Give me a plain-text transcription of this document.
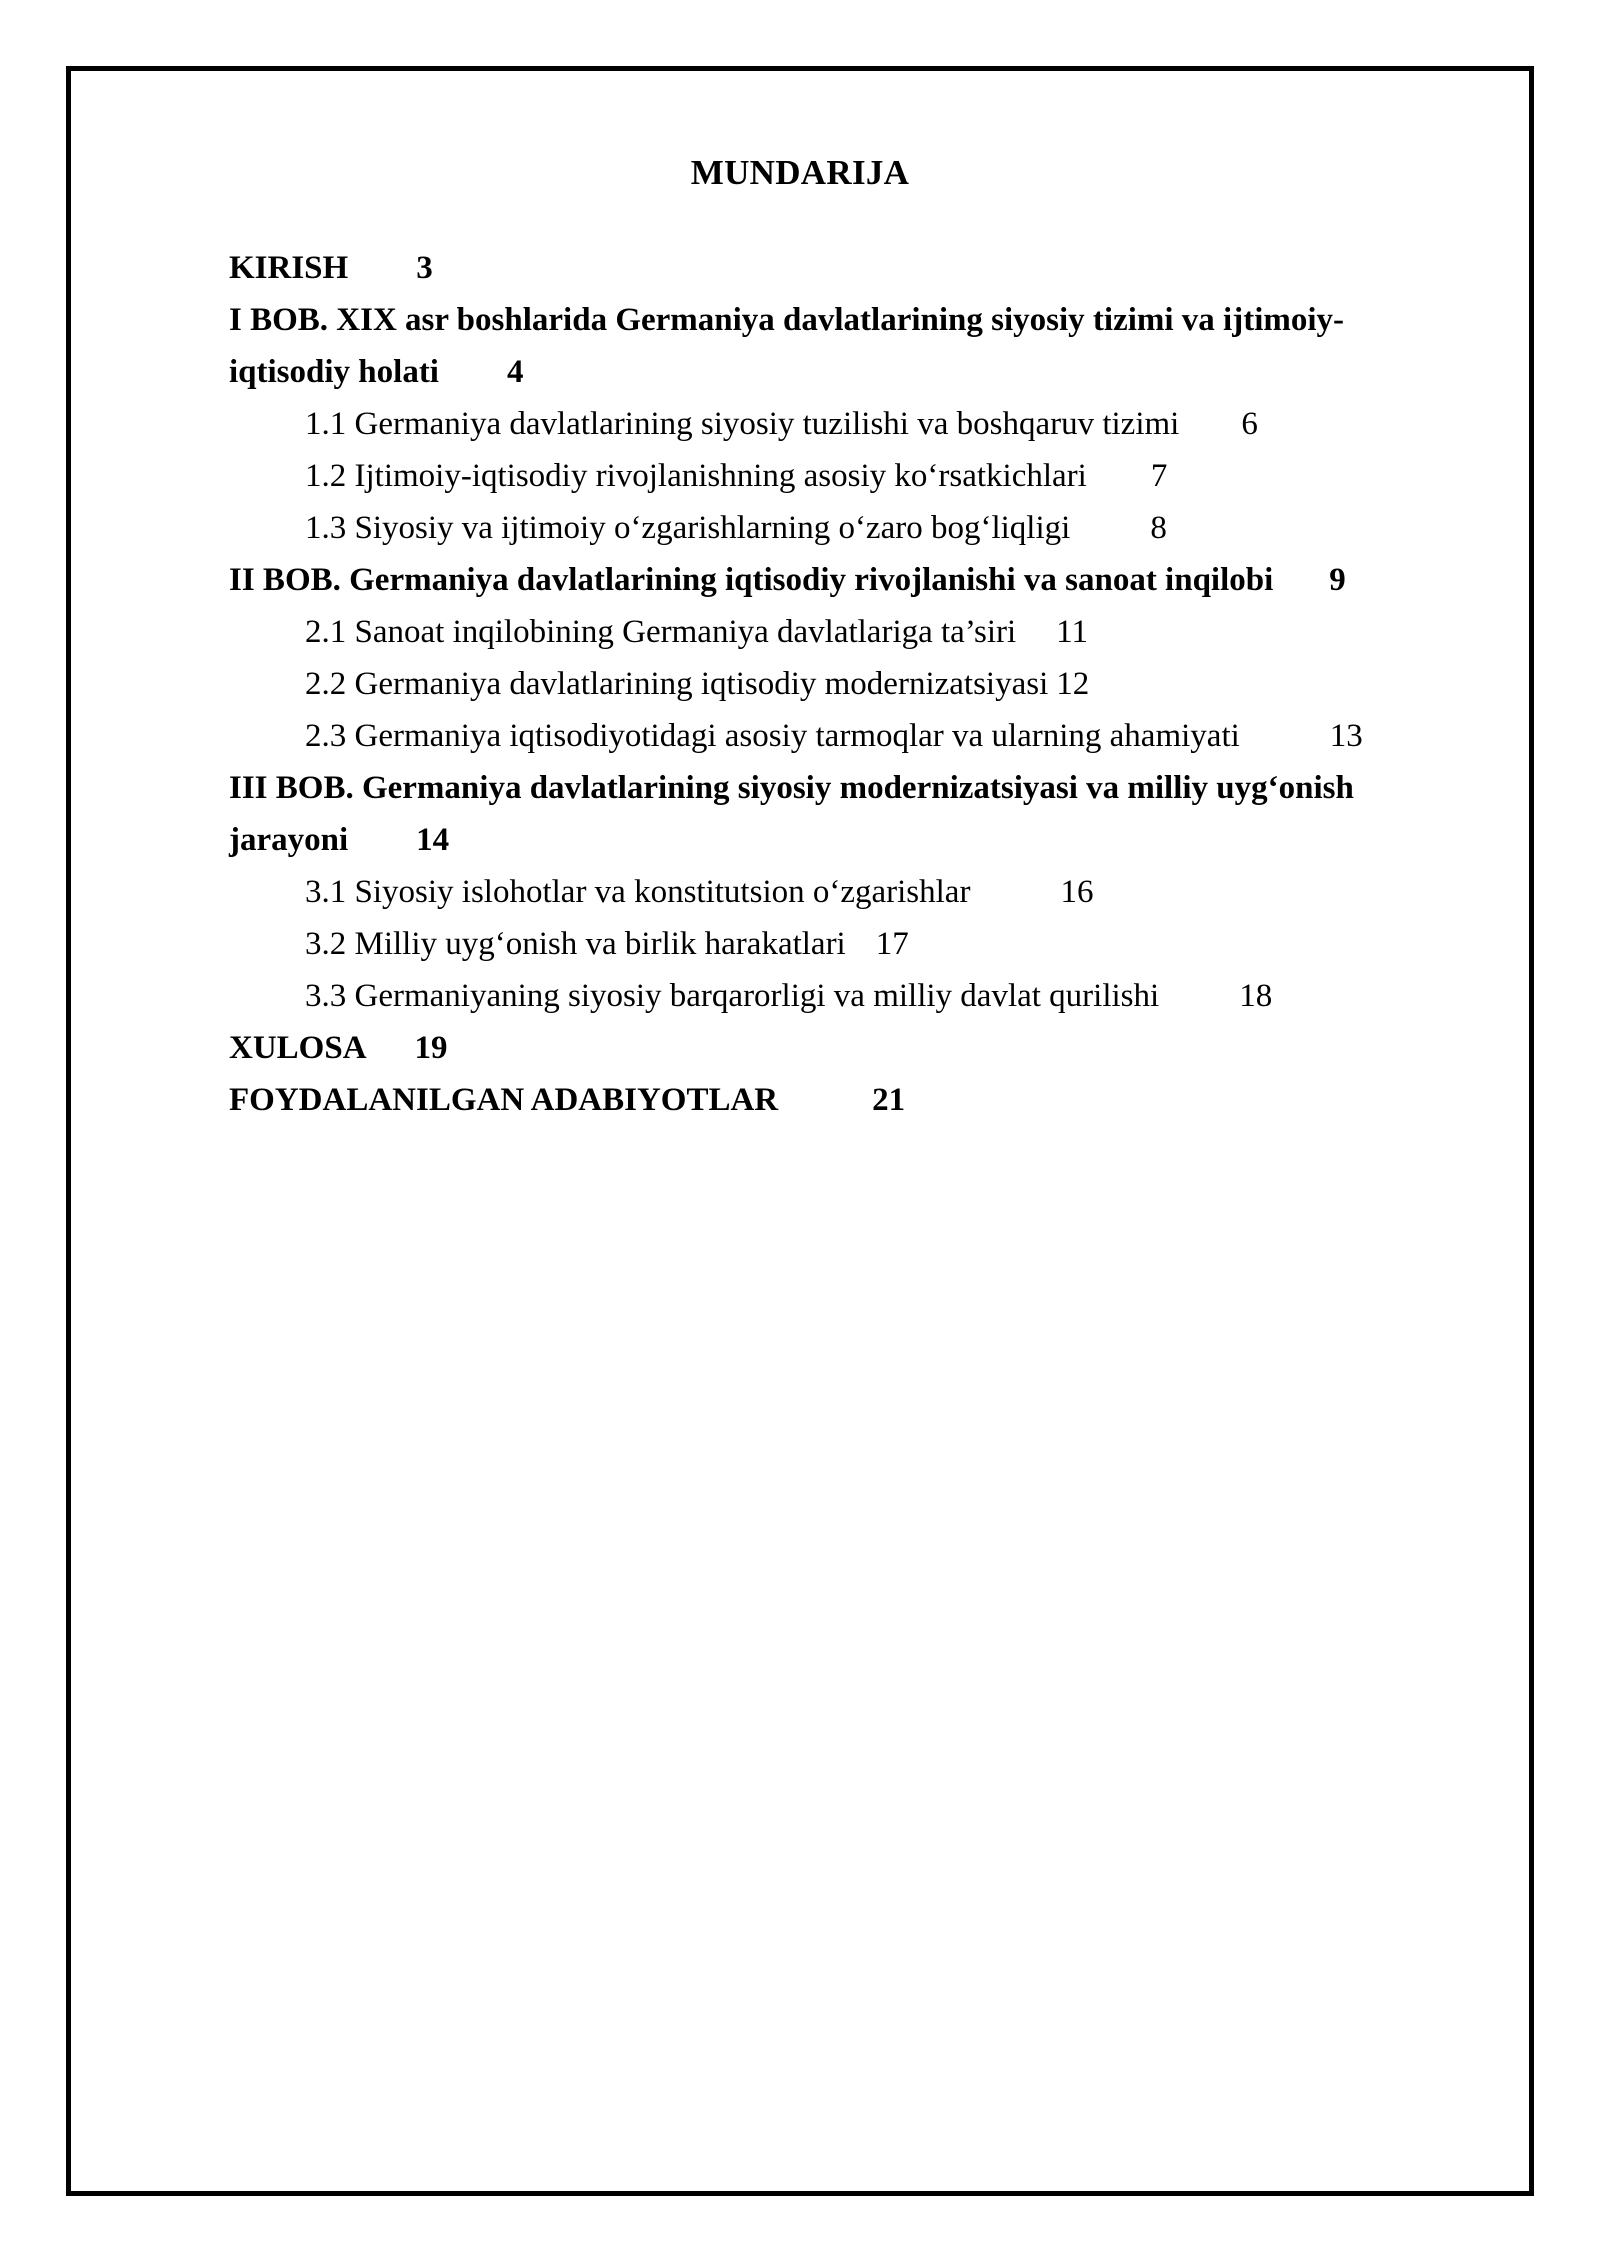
MUNDARIJA
KIRISH 3
I BOB. XIX asr boshlarida Germaniya davlatlarining siyosiy tizimi va ijtimoiy-iqtisodiy holati 4
1.1 Germaniya davlatlarining siyosiy tuzilishi va boshqaruv tizimi 6
1.2 Ijtimoiy-iqtisodiy rivojlanishning asosiy ko‘rsatkichlari 7
1.3 Siyosiy va ijtimoiy o‘zgarishlarning o‘zaro bog‘liqligi 8
II BOB. Germaniya davlatlarining iqtisodiy rivojlanishi va sanoat inqilobi 9
2.1 Sanoat inqilobining Germaniya davlatlariga ta’siri 11
2.2 Germaniya davlatlarining iqtisodiy modernizatsiyasi 12
2.3 Germaniya iqtisodiyotidagi asosiy tarmoqlar va ularning ahamiyati	13
III BOB. Germaniya davlatlarining siyosiy modernizatsiyasi va milliy uyg‘onish jarayoni 14
3.1 Siyosiy islohotlar va konstitutsion o‘zgarishlar	16
3.2 Milliy uyg‘onish va birlik harakatlari 17
3.3 Germaniyaning siyosiy barqarorligi va milliy davlat qurilishi 18
XULOSA 19
FOYDALANILGAN ADABIYOTLAR	21
